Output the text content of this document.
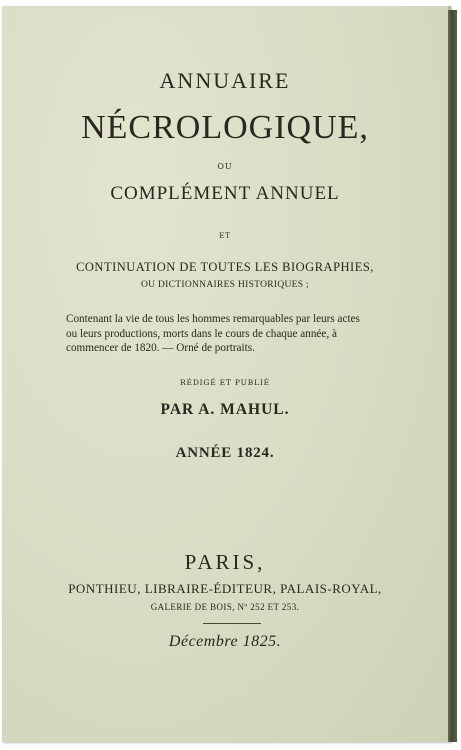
ANNUAIRE
NÉCROLOGIQUE,
OU
COMPLÉMENT ANNUEL
ET
CONTINUATION DE TOUTES LES BIOGRAPHIES,
OU DICTIONNAIRES HISTORIQUES ;
Contenant la vie de tous les hommes remarquables par leurs actes
ou leurs productions, morts dans le cours de chaque année, à
commencer de 1820. — Orné de portraits.
RÉDIGÉ ET PUBLIÉ
PAR A. MAHUL.
ANNÉE 1824.
PARIS,
PONTHIEU, LIBRAIRE-ÉDITEUR, PALAIS-ROYAL,
GALERIE DE BOIS, Nº 252 ET 253.
Décembre 1825.
